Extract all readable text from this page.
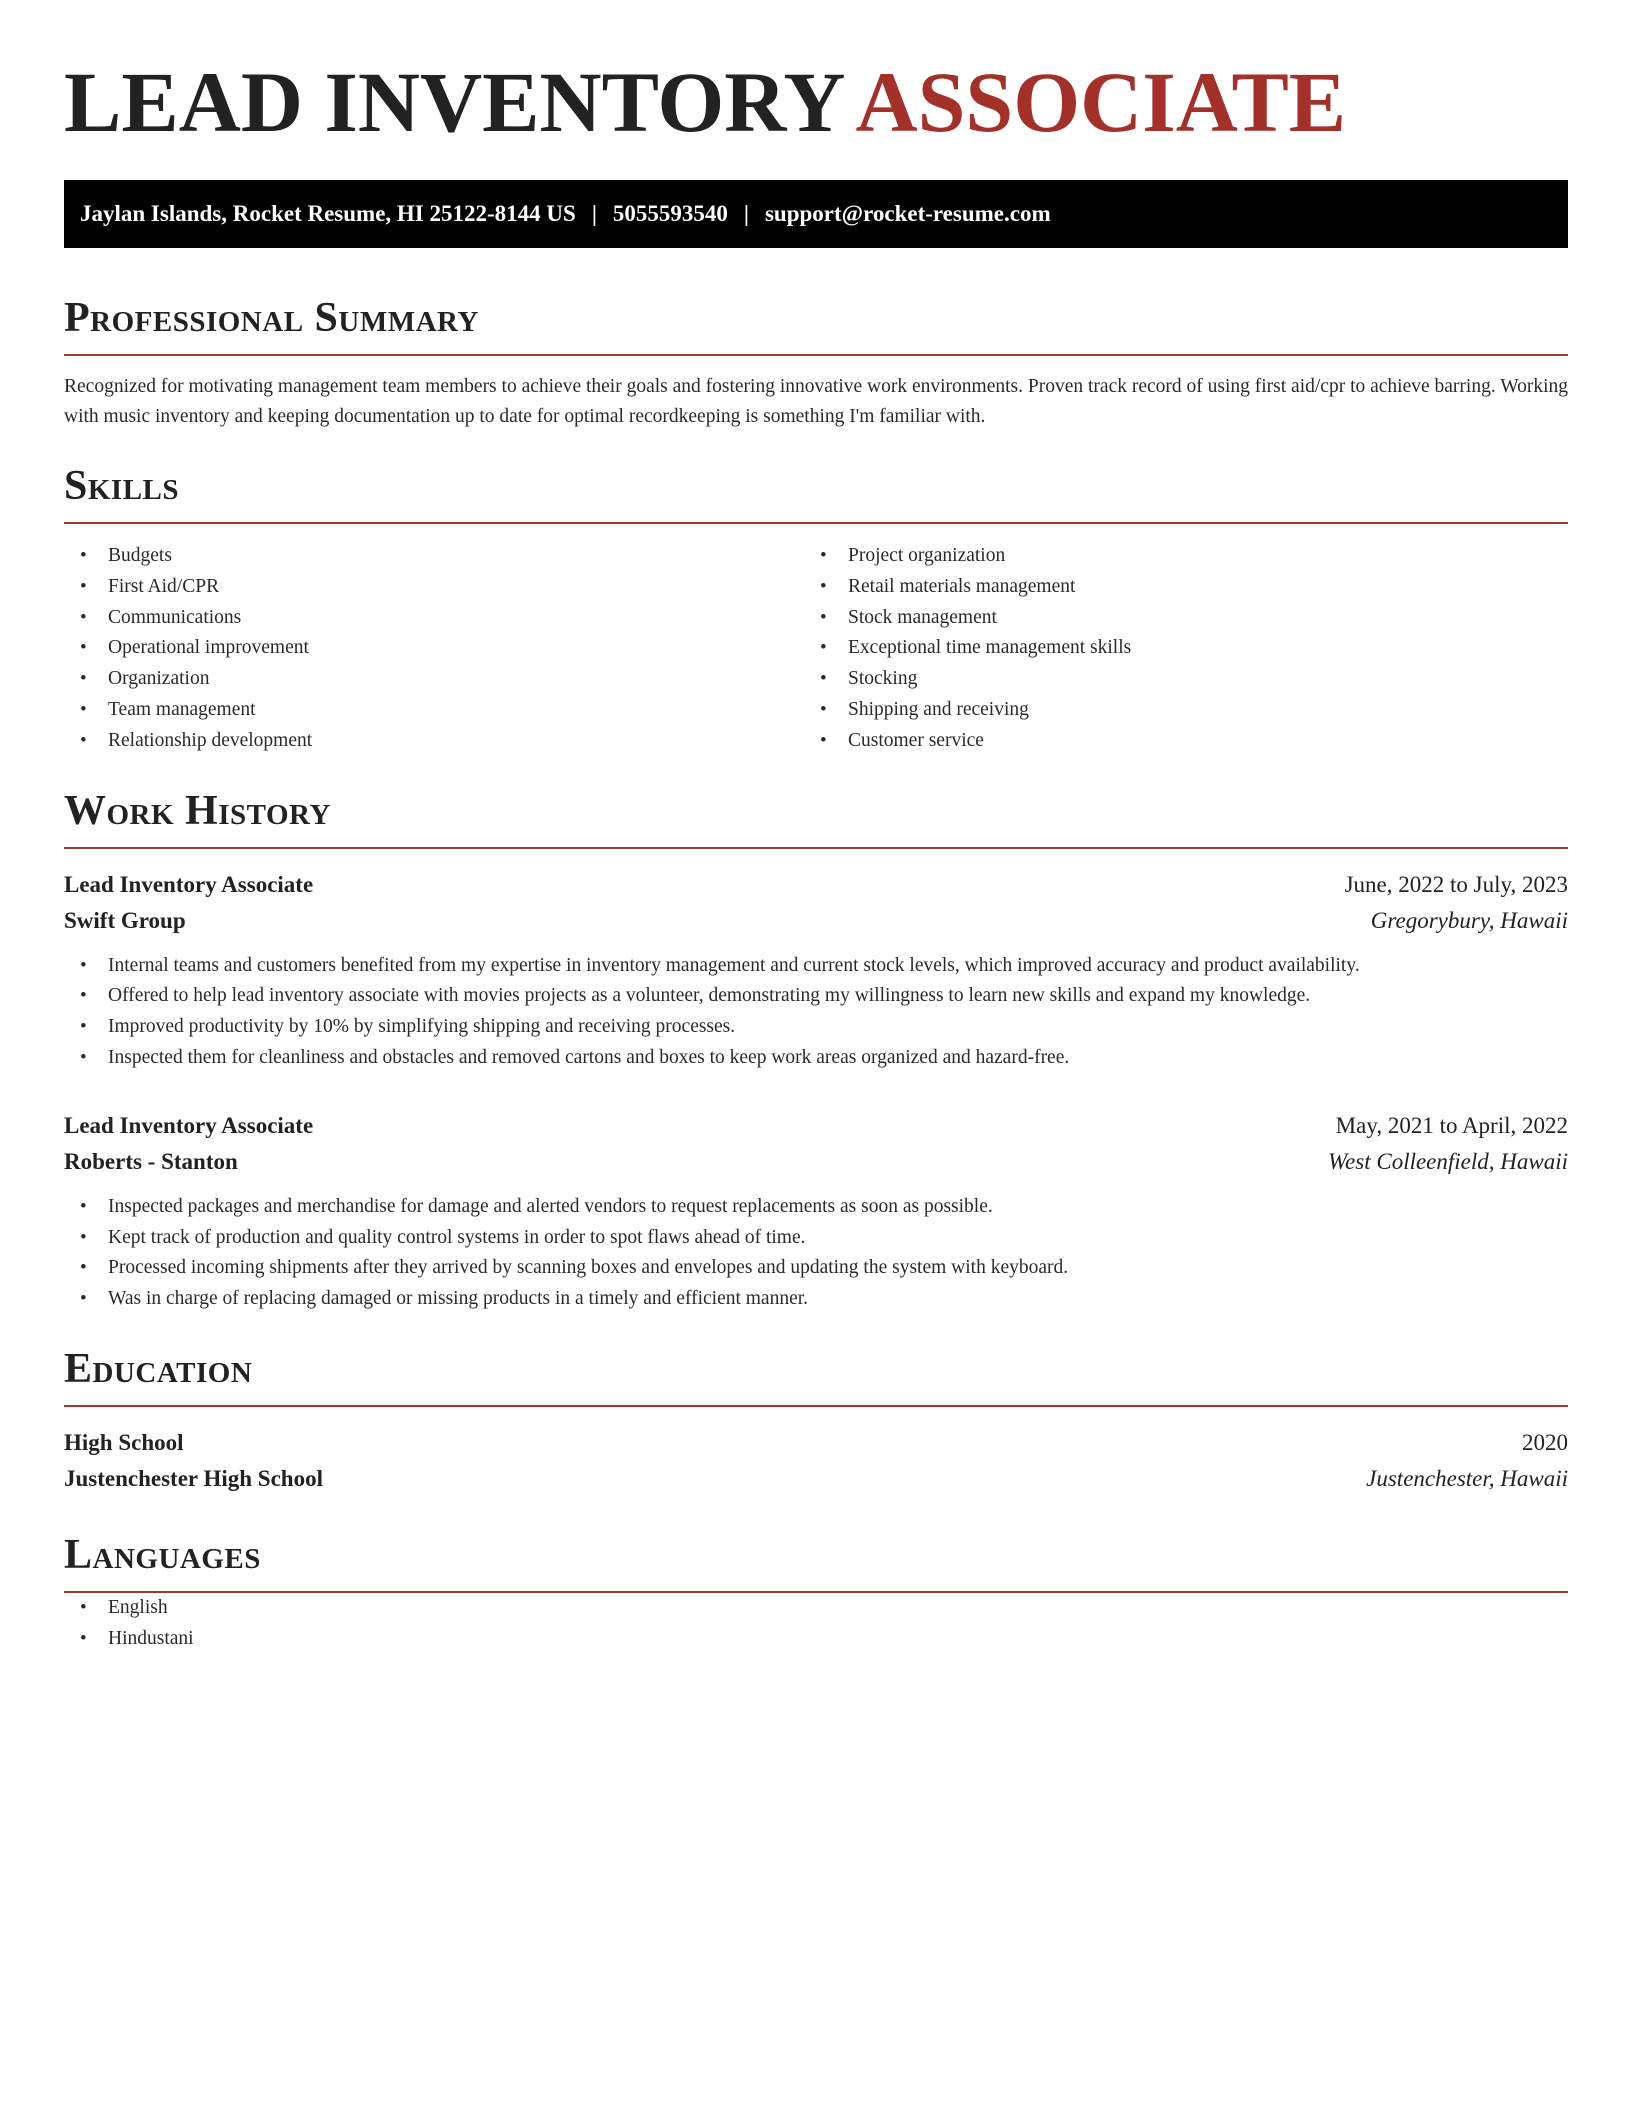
LEAD INVENTORY ASSOCIATE
Jaylan Islands, Rocket Resume, HI 25122-8144 US | 5055593540 | support@rocket-resume.com
Professional Summary

Recognized for motivating management team members to achieve their goals and fostering innovative work environments. Proven track record of using first aid/cpr to achieve barring. Working with music inventory and keeping documentation up to date for optimal recordkeeping is something I'm familiar with.

Skills
• Budgets
• First Aid/CPR
• Communications
• Operational improvement
• Organization
• Team management
• Relationship development
• Project organization
• Retail materials management
• Stock management
• Exceptional time management skills
• Stocking
• Shipping and receiving
• Customer service
Work History
Lead Inventory Associate	June, 2022 to July, 2023
Swift Group	Gregorybury, Hawaii
• Internal teams and customers benefited from my expertise in inventory management and current stock levels, which improved accuracy and product availability.
• Offered to help lead inventory associate with movies projects as a volunteer, demonstrating my willingness to learn new skills and expand my knowledge.
• Improved productivity by 10% by simplifying shipping and receiving processes.
• Inspected them for cleanliness and obstacles and removed cartons and boxes to keep work areas organized and hazard-free.
Lead Inventory Associate	May, 2021 to April, 2022
Roberts - Stanton	West Colleenfield, Hawaii
• Inspected packages and merchandise for damage and alerted vendors to request replacements as soon as possible.
• Kept track of production and quality control systems in order to spot flaws ahead of time.
• Processed incoming shipments after they arrived by scanning boxes and envelopes and updating the system with keyboard.
• Was in charge of replacing damaged or missing products in a timely and efficient manner.
Education
High School	2020
Justenchester High School	Justenchester, Hawaii
Languages
• English
• Hindustani
